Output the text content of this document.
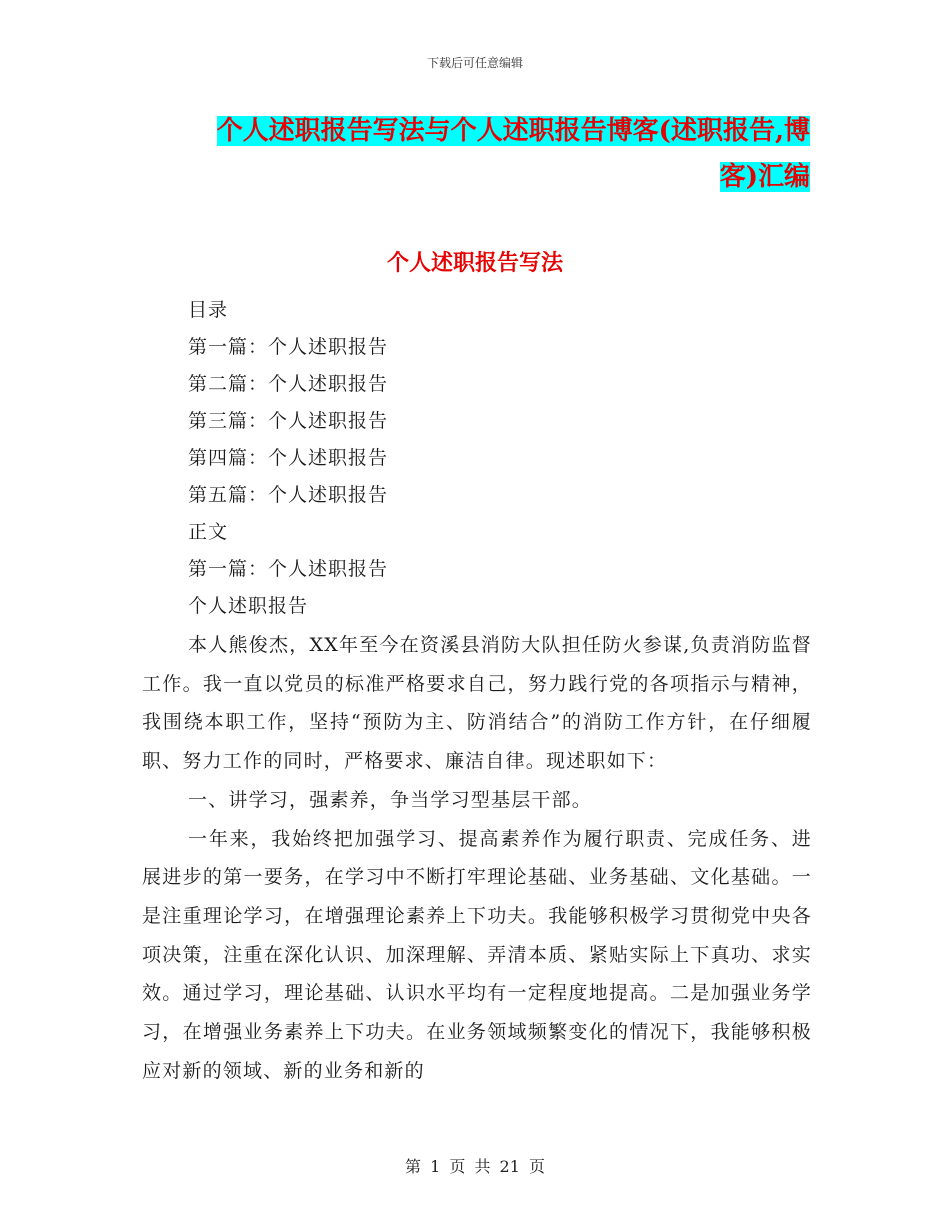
下载后可任意编辑
个人述职报告写法与个人述职报告博客(述职报告,博
客)汇编
个人述职报告写法
目录
第一篇：个人述职报告
第二篇：个人述职报告
第三篇：个人述职报告
第四篇：个人述职报告
第五篇：个人述职报告
正文
第一篇：个人述职报告
个人述职报告

本人熊俊杰，XX年至今在资溪县消防大队担任防火参谋,负责消防监督工作。我一直以党员的标准严格要求自己，努力践行党的各项指示与精神，我围绕本职工作，坚持“预防为主、防消结合”的消防工作方针，在仔细履职、努力工作的同时，严格要求、廉洁自律。现述职如下：

一、讲学习，强素养，争当学习型基层干部。

一年来，我始终把加强学习、提高素养作为履行职责、完成任务、进展进步的第一要务，在学习中不断打牢理论基础、业务基础、文化基础。一是注重理论学习，在增强理论素养上下功夫。我能够积极学习贯彻党中央各项决策，注重在深化认识、加深理解、弄清本质、紧贴实际上下真功、求实效。通过学习，理论基础、认识水平均有一定程度地提高。二是加强业务学习，在增强业务素养上下功夫。在业务领域频繁变化的情况下，我能够积极应对新的领域、新的业务和新的

第 1 页 共 21 页
